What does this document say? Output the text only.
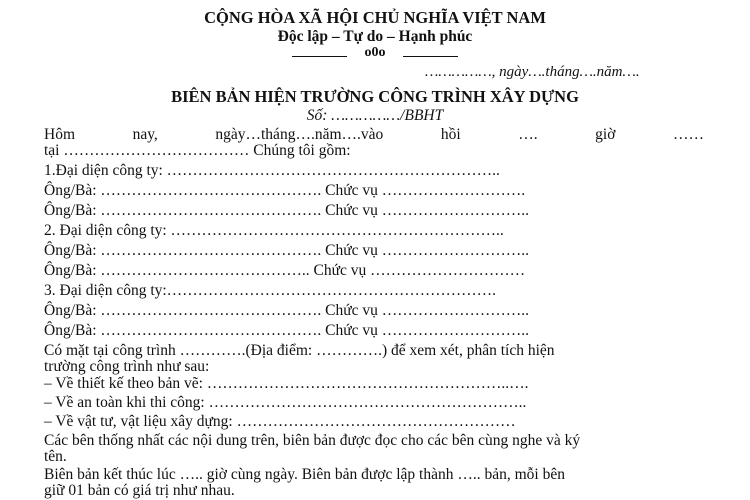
CỘNG HÒA XÃ HỘI CHỦ NGHĨA VIỆT NAM
Độc lập – Tự do – Hạnh phúc
o0o
……………, ngày….tháng….năm….
BIÊN BẢN HIỆN TRƯỜNG CÔNG TRÌNH XÂY DỰNG
Số: ……………/BBHT
Hôm	nay,	ngày…tháng….năm….vào	hồi	….	giờ	……
tại ……………………………… Chúng tôi gồm:
1.Đại diện công ty: ………………………………………………………..
Ông/Bà: ……………………………………. Chức vụ ……………………….
Ông/Bà: ……………………………………. Chức vụ ………………………..
2. Đại diện công ty: ………………………………………………………..
Ông/Bà: ……………………………………. Chức vụ ………………………..
Ông/Bà: ………………………………….. Chức vụ …………………………
3. Đại diện công ty:……………………………………………………….
Ông/Bà: ……………………………………. Chức vụ ………………………..
Ông/Bà: ……………………………………. Chức vụ ………………………..
Có mặt tại công trình ………….(Địa điểm: ………….) để xem xét, phân tích hiện
trường công trình như sau:
– Về thiết kế theo bản vẽ: …………………………………………………..….
– Về an toàn khi thi công: ……………………………………………………..
– Về vật tư, vật liệu xây dựng: ………………………………………………
Các bên thống nhất các nội dung trên, biên bản được đọc cho các bên cùng nghe và ký
tên.
Biên bản kết thúc lúc ….. giờ cùng ngày. Biên bản được lập thành ….. bản, mỗi bên
giữ 01 bản có giá trị như nhau.
